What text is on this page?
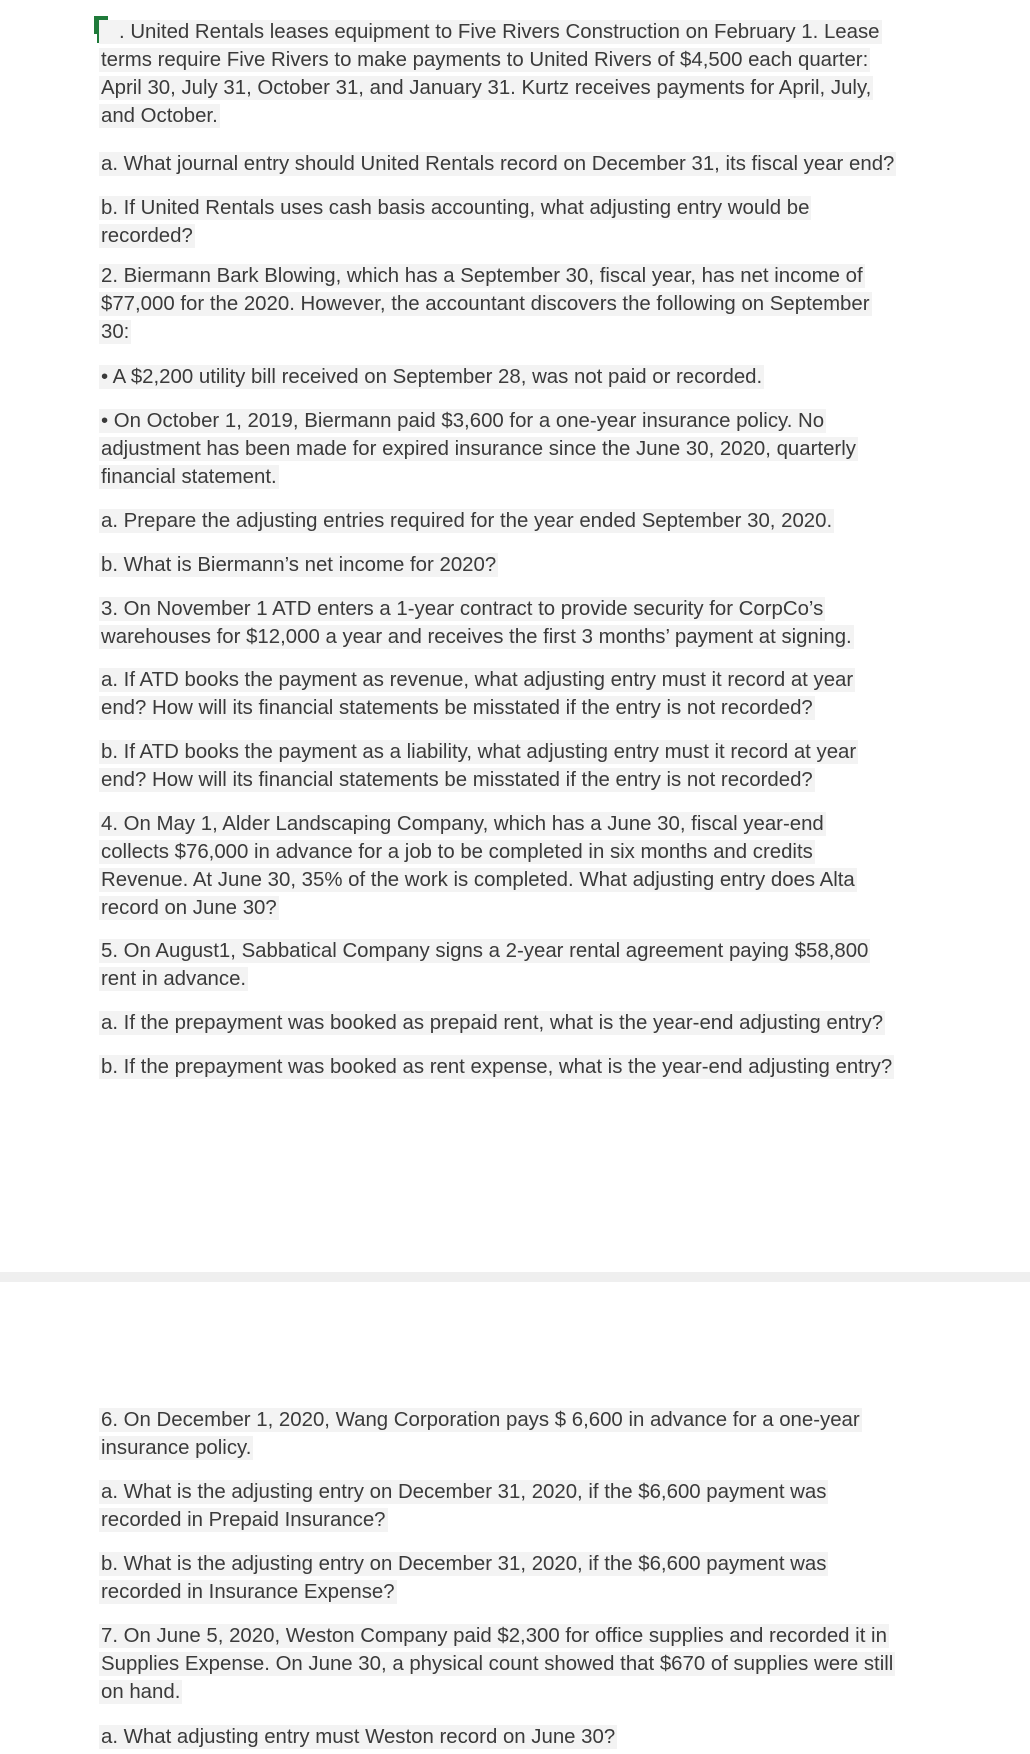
. United Rentals leases equipment to Five Rivers Construction on February 1. Lease
terms require Five Rivers to make payments to United Rivers of $4,500 each quarter:
April 30, July 31, October 31, and January 31. Kurtz receives payments for April, July,
and October.

a. What journal entry should United Rentals record on December 31, its fiscal year end?

b. If United Rentals uses cash basis accounting, what adjusting entry would be
recorded?

2. Biermann Bark Blowing, which has a September 30, fiscal year, has net income of
$77,000 for the 2020. However, the accountant discovers the following on September
30:

• A $2,200 utility bill received on September 28, was not paid or recorded.

• On October 1, 2019, Biermann paid $3,600 for a one-year insurance policy. No
adjustment has been made for expired insurance since the June 30, 2020, quarterly
financial statement.

a. Prepare the adjusting entries required for the year ended September 30, 2020.

b. What is Biermann’s net income for 2020?

3. On November 1 ATD enters a 1-year contract to provide security for CorpCo’s
warehouses for $12,000 a year and receives the first 3 months’ payment at signing.

a. If ATD books the payment as revenue, what adjusting entry must it record at year
end? How will its financial statements be misstated if the entry is not recorded?

b. If ATD books the payment as a liability, what adjusting entry must it record at year
end? How will its financial statements be misstated if the entry is not recorded?

4. On May 1, Alder Landscaping Company, which has a June 30, fiscal year-end
collects $76,000 in advance for a job to be completed in six months and credits
Revenue. At June 30, 35% of the work is completed. What adjusting entry does Alta
record on June 30?

5. On August1, Sabbatical Company signs a 2-year rental agreement paying $58,800
rent in advance.

a. If the prepayment was booked as prepaid rent, what is the year-end adjusting entry?

b. If the prepayment was booked as rent expense, what is the year-end adjusting entry?

6. On December 1, 2020, Wang Corporation pays $ 6,600 in advance for a one-year
insurance policy.

a. What is the adjusting entry on December 31, 2020, if the $6,600 payment was
recorded in Prepaid Insurance?

b. What is the adjusting entry on December 31, 2020, if the $6,600 payment was
recorded in Insurance Expense?

7. On June 5, 2020, Weston Company paid $2,300 for office supplies and recorded it in
Supplies Expense. On June 30, a physical count showed that $670 of supplies were still
on hand.

a. What adjusting entry must Weston record on June 30?
